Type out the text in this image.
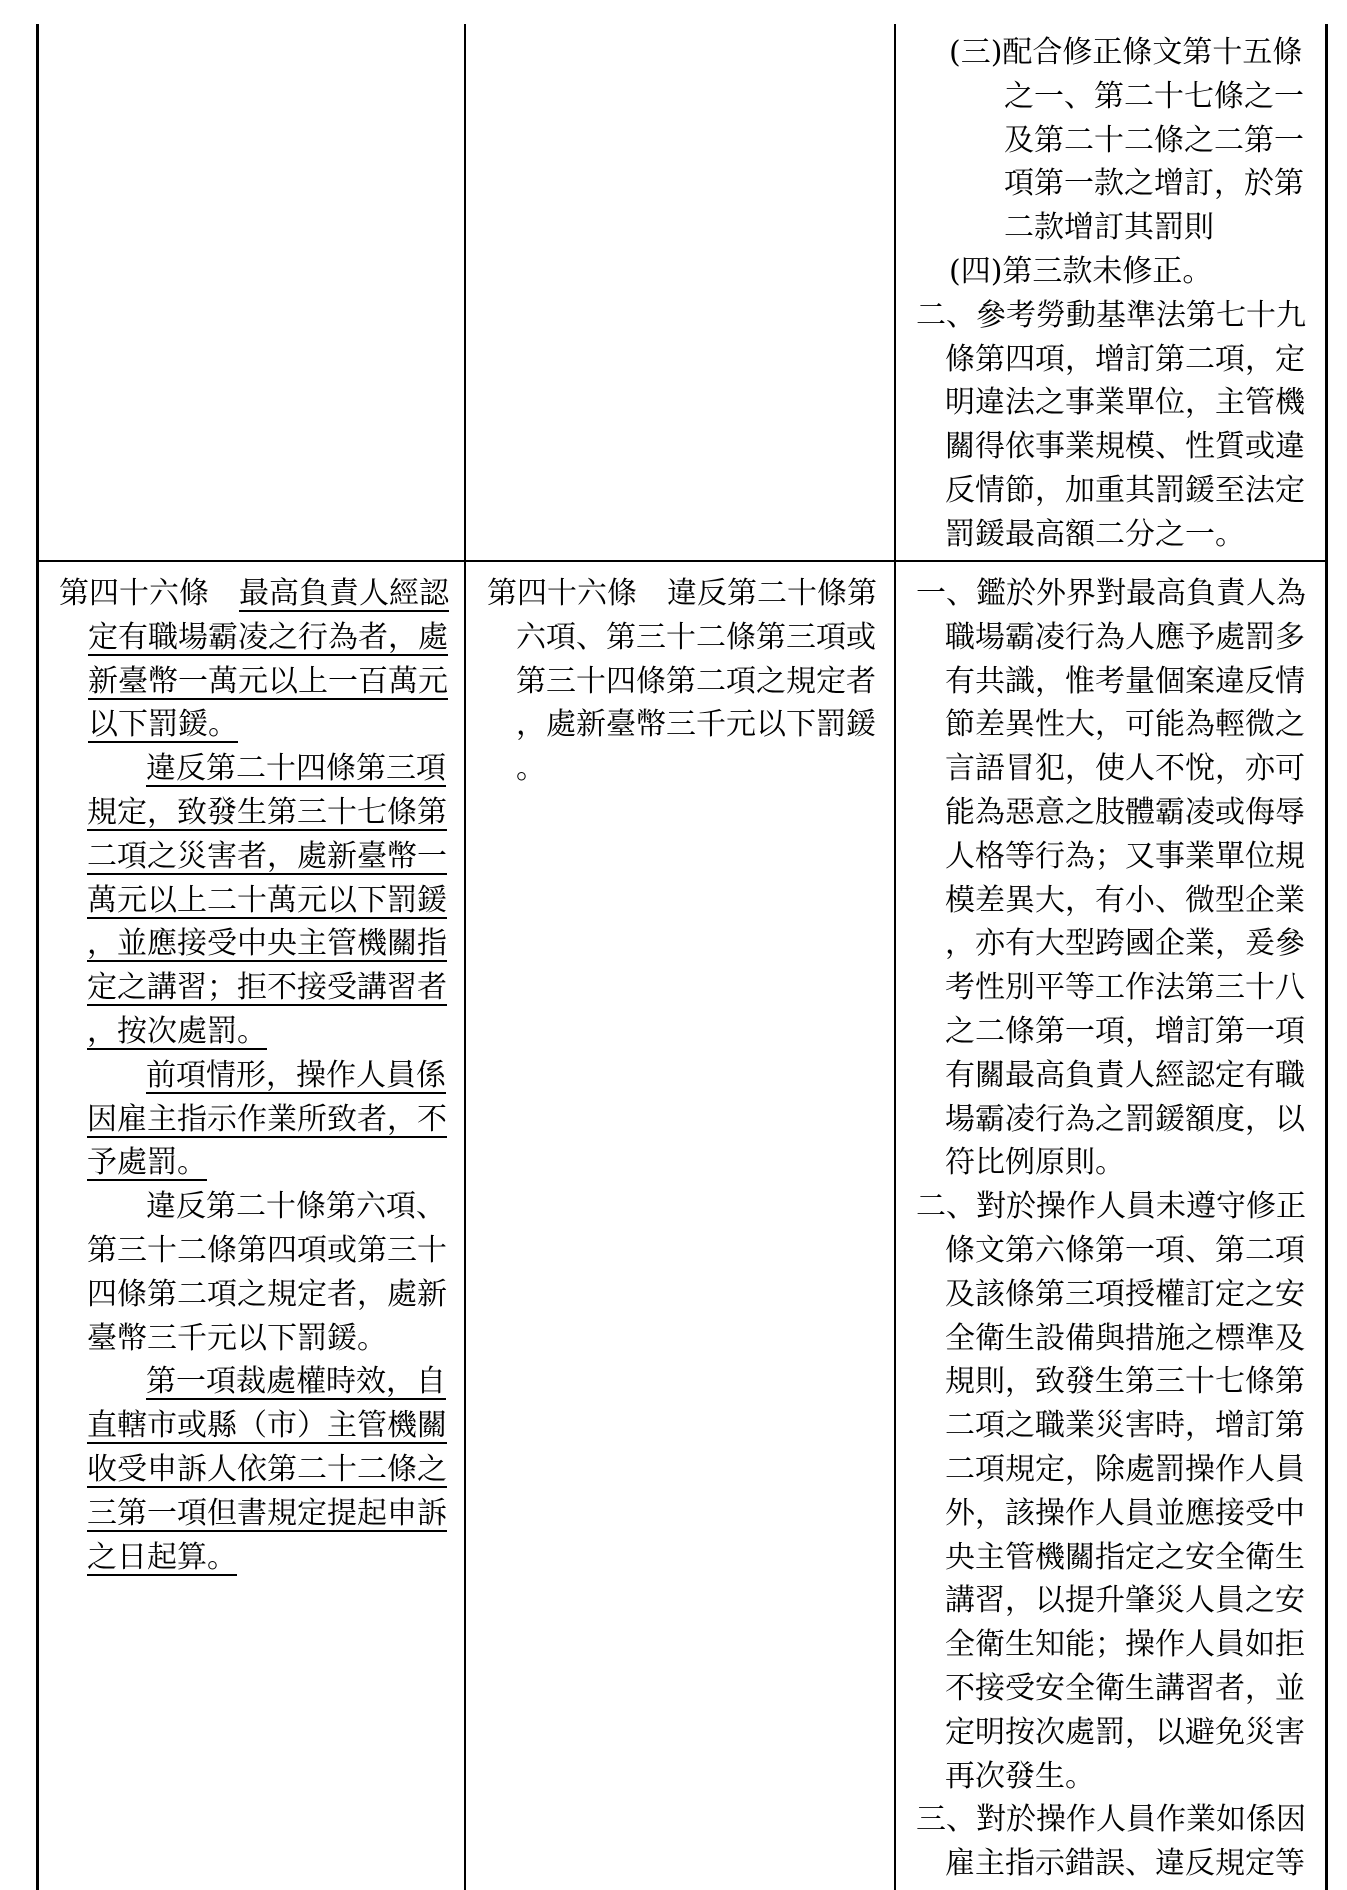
(三)配合修正條文第十五條
之一、第二十七條之一
及第二十二條之二第一
項第一款之增訂，於第
二款增訂其罰則
(四)第三款未修正。
二、參考勞動基準法第七十九
條第四項，增訂第二項，定
明違法之事業單位，主管機
關得依事業規模、性質或違
反情節，加重其罰鍰至法定
罰鍰最高額二分之一。
第四十六條　最高負責人經認
定有職場霸凌之行為者，處
新臺幣一萬元以上一百萬元
以下罰鍰。
違反第二十四條第三項
規定，致發生第三十七條第
二項之災害者，處新臺幣一
萬元以上二十萬元以下罰鍰
，並應接受中央主管機關指
定之講習；拒不接受講習者
，按次處罰。
前項情形，操作人員係
因雇主指示作業所致者，不
予處罰。
違反第二十條第六項、
第三十二條第四項或第三十
四條第二項之規定者，處新
臺幣三千元以下罰鍰。
第一項裁處權時效，自
直轄市或縣（市）主管機關
收受申訴人依第二十二條之
三第一項但書規定提起申訴
之日起算。
第四十六條　違反第二十條第
六項、第三十二條第三項或
第三十四條第二項之規定者
，處新臺幣三千元以下罰鍰
。
一、鑑於外界對最高負責人為
職場霸凌行為人應予處罰多
有共識，惟考量個案違反情
節差異性大，可能為輕微之
言語冒犯，使人不悅，亦可
能為惡意之肢體霸凌或侮辱
人格等行為；又事業單位規
模差異大，有小、微型企業
，亦有大型跨國企業，爰參
考性別平等工作法第三十八
之二條第一項，增訂第一項
有關最高負責人經認定有職
場霸凌行為之罰鍰額度，以
符比例原則。
二、對於操作人員未遵守修正
條文第六條第一項、第二項
及該條第三項授權訂定之安
全衛生設備與措施之標準及
規則，致發生第三十七條第
二項之職業災害時，增訂第
二項規定，除處罰操作人員
外，該操作人員並應接受中
央主管機關指定之安全衛生
講習，以提升肇災人員之安
全衛生知能；操作人員如拒
不接受安全衛生講習者，並
定明按次處罰，以避免災害
再次發生。
三、對於操作人員作業如係因
雇主指示錯誤、違反規定等
